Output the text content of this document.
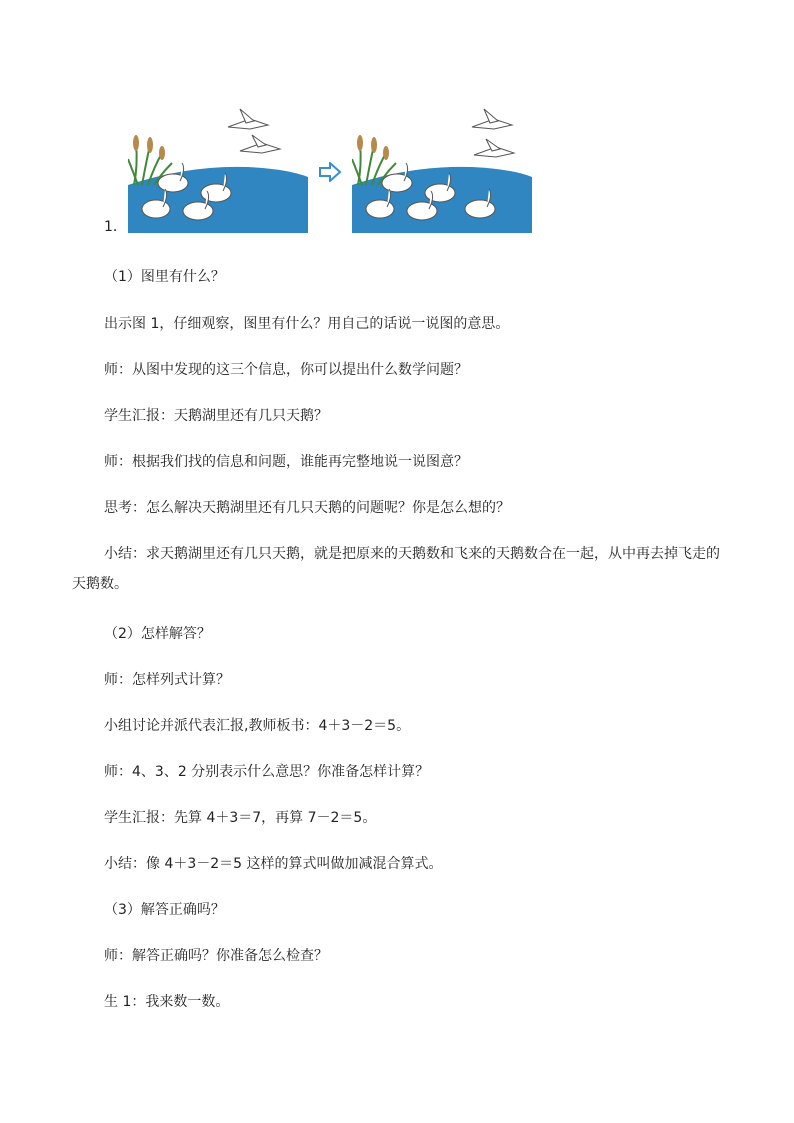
1．
（1）图里有什么？
出示图 1，仔细观察，图里有什么？用自己的话说一说图的意思。
师：从图中发现的这三个信息，你可以提出什么数学问题？
学生汇报：天鹅湖里还有几只天鹅？
师：根据我们找的信息和问题，谁能再完整地说一说图意？
思考：怎么解决天鹅湖里还有几只天鹅的问题呢？你是怎么想的？
小结：求天鹅湖里还有几只天鹅，就是把原来的天鹅数和飞来的天鹅数合在一起，从中再去掉飞走的天鹅数。
（2）怎样解答？
师：怎样列式计算？
小组讨论并派代表汇报,教师板书：4＋3－2＝5。
师：4、3、2 分别表示什么意思？你准备怎样计算？
学生汇报：先算 4＋3＝7，再算 7－2＝5。
小结：像 4＋3－2＝5 这样的算式叫做加减混合算式。
（3）解答正确吗？
师：解答正确吗？你准备怎么检查？
生 1：我来数一数。
